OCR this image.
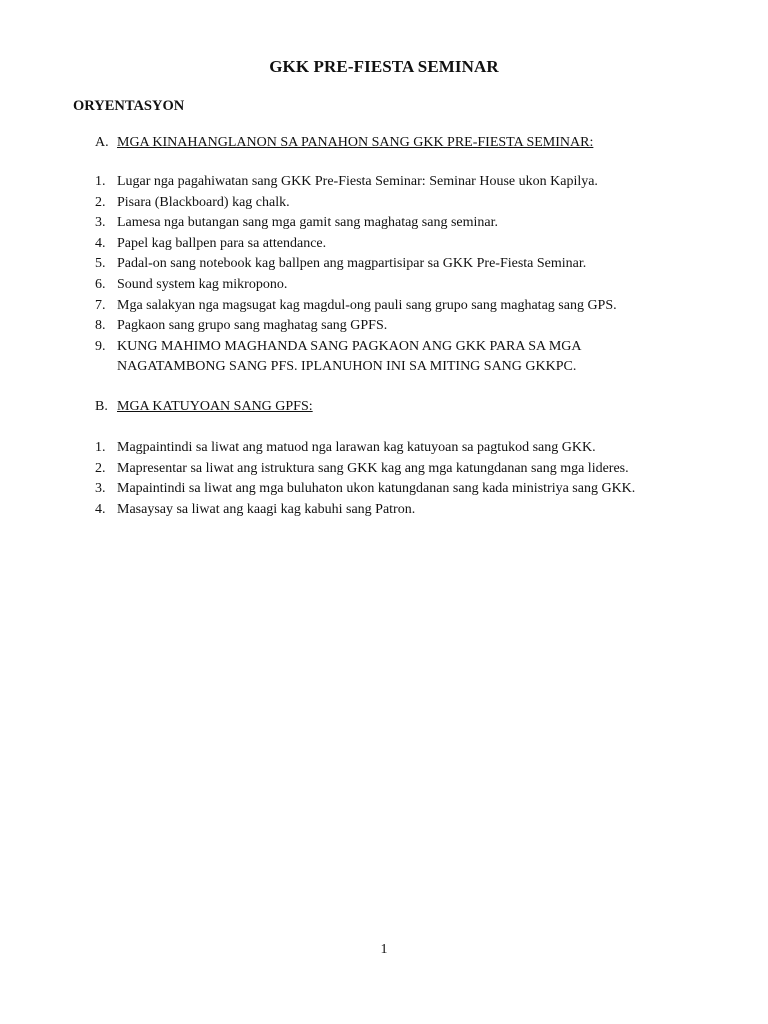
GKK PRE-FIESTA SEMINAR
ORYENTASYON
A. MGA KINAHANGLANON SA PANAHON SANG GKK PRE-FIESTA SEMINAR:
1. Lugar nga pagahiwatan sang GKK Pre-Fiesta Seminar: Seminar House ukon Kapilya.
2. Pisara (Blackboard) kag chalk.
3. Lamesa nga butangan sang mga gamit sang maghatag sang seminar.
4. Papel kag ballpen para sa attendance.
5. Padal-on sang notebook kag ballpen ang magpartisipar sa GKK Pre-Fiesta Seminar.
6. Sound system kag mikropono.
7. Mga salakyan nga magsugat kag magdul-ong pauli sang grupo sang maghatag sang GPS.
8. Pagkaon sang grupo sang maghatag sang GPFS.
9. KUNG MAHIMO MAGHANDA SANG PAGKAON ANG GKK PARA SA MGA NAGATAMBONG SANG PFS. IPLANUHON INI SA MITING SANG GKKPC.
B. MGA KATUYOAN SANG GPFS:
1. Magpaintindi sa liwat ang matuod nga larawan kag katuyoan sa pagtukod sang GKK.
2. Mapresentar sa liwat ang istruktura sang GKK kag ang mga katungdanan sang mga lideres.
3. Mapaintindi sa liwat ang mga buluhaton ukon katungdanan sang kada ministriya sang GKK.
4. Masaysay sa liwat ang kaagi kag kabuhi sang Patron.
1
